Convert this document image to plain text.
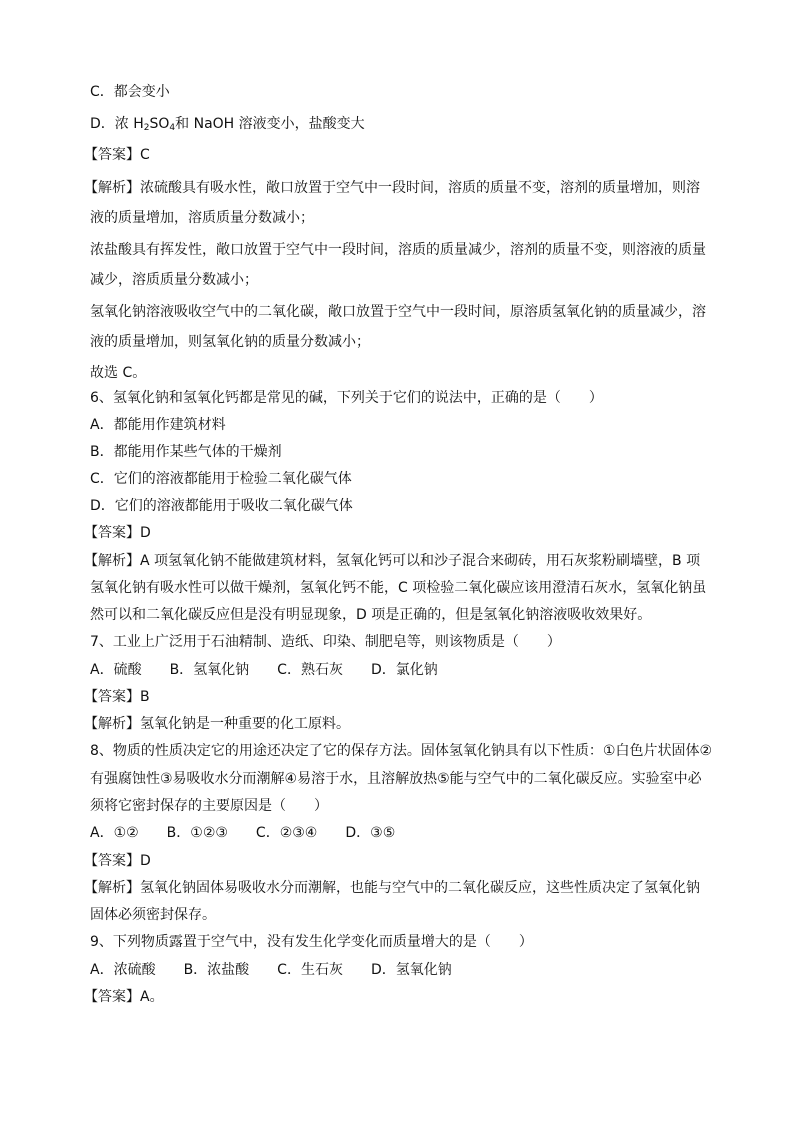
C．都会变小
D．浓 $H_2SO_4$和 NaOH 溶液变小，盐酸变大
【答案】C
【解析】浓硫酸具有吸水性，敞口放置于空气中一段时间，溶质的质量不变，溶剂的质量增加，则溶
液的质量增加，溶质质量分数减小；
浓盐酸具有挥发性，敞口放置于空气中一段时间，溶质的质量减少，溶剂的质量不变，则溶液的质量
减少，溶质质量分数减小；
氢氧化钠溶液吸收空气中的二氧化碳，敞口放置于空气中一段时间，原溶质氢氧化钠的质量减少，溶
液的质量增加，则氢氧化钠的质量分数减小；
故选 C。
6、氢氧化钠和氢氧化钙都是常见的碱，下列关于它们的说法中，正确的是（　　）
A．都能用作建筑材料
B．都能用作某些气体的干燥剂
C．它们的溶液都能用于检验二氧化碳气体
D．它们的溶液都能用于吸收二氧化碳气体
【答案】D
【解析】A 项氢氧化钠不能做建筑材料，氢氧化钙可以和沙子混合来砌砖，用石灰浆粉刷墙壁，B 项
氢氧化钠有吸水性可以做干燥剂，氢氧化钙不能，C 项检验二氧化碳应该用澄清石灰水，氢氧化钠虽
然可以和二氧化碳反应但是没有明显现象，D 项是正确的，但是氢氧化钠溶液吸收效果好。
7、工业上广泛用于石油精制、造纸、印染、制肥皂等，则该物质是（　　）
A．硫酸　　B．氢氧化钠　　C．熟石灰　　D．氯化钠
【答案】B
【解析】氢氧化钠是一种重要的化工原料。
8、物质的性质决定它的用途还决定了它的保存方法。固体氢氧化钠具有以下性质：①白色片状固体②
有强腐蚀性③易吸收水分而潮解④易溶于水，且溶解放热⑤能与空气中的二氧化碳反应。实验室中必
须将它密封保存的主要原因是（　　）
A．①②　　B．①②③　　C．②③④　　D．③⑤
【答案】D
【解析】氢氧化钠固体易吸收水分而潮解，也能与空气中的二氧化碳反应，这些性质决定了氢氧化钠
固体必须密封保存。
9、下列物质露置于空气中，没有发生化学变化而质量增大的是（　　）
A．浓硫酸　　B．浓盐酸　　C．生石灰　　D．氢氧化钠
【答案】A。
